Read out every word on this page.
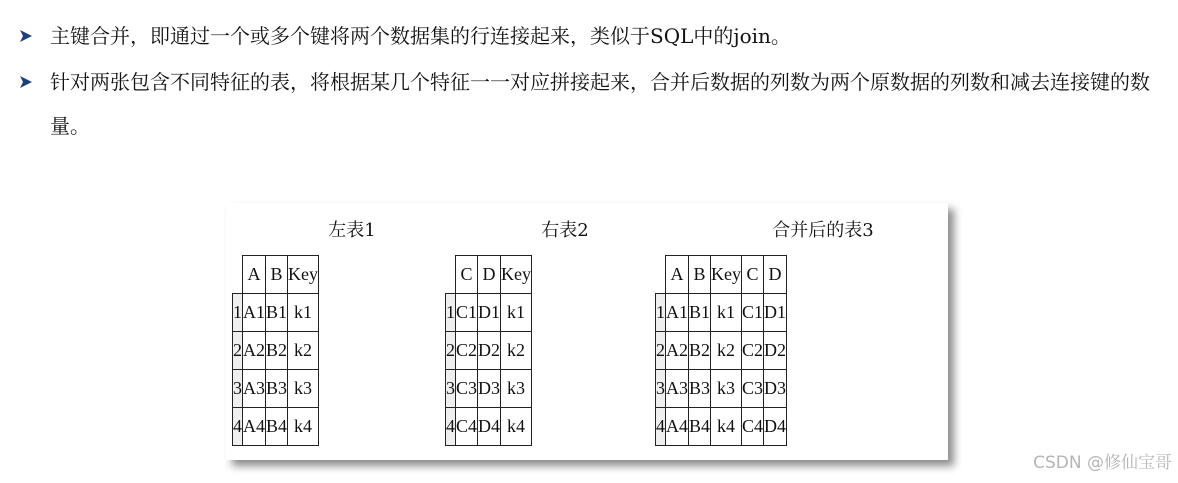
主键合并，即通过一个或多个键将两个数据集的行连接起来，类似于SQL中的join。
针对两张包含不同特征的表，将根据某几个特征一一对应拼接起来，合并后数据的列数为两个原数据的列数和减去连接键的数量。
左表1
	A	B	Key
1	A1	B1	k1
2	A2	B2	k2
3	A3	B3	k3
4	A4	B4	k4
右表2
	C	D	Key
1	C1	D1	k1
2	C2	D2	k2
3	C3	D3	k3
4	C4	D4	k4
合并后的表3
	A	B	Key	C	D
1	A1	B1	k1	C1	D1
2	A2	B2	k2	C2	D2
3	A3	B3	k3	C3	D3
4	A4	B4	k4	C4	D4
CSDN @修仙宝哥
